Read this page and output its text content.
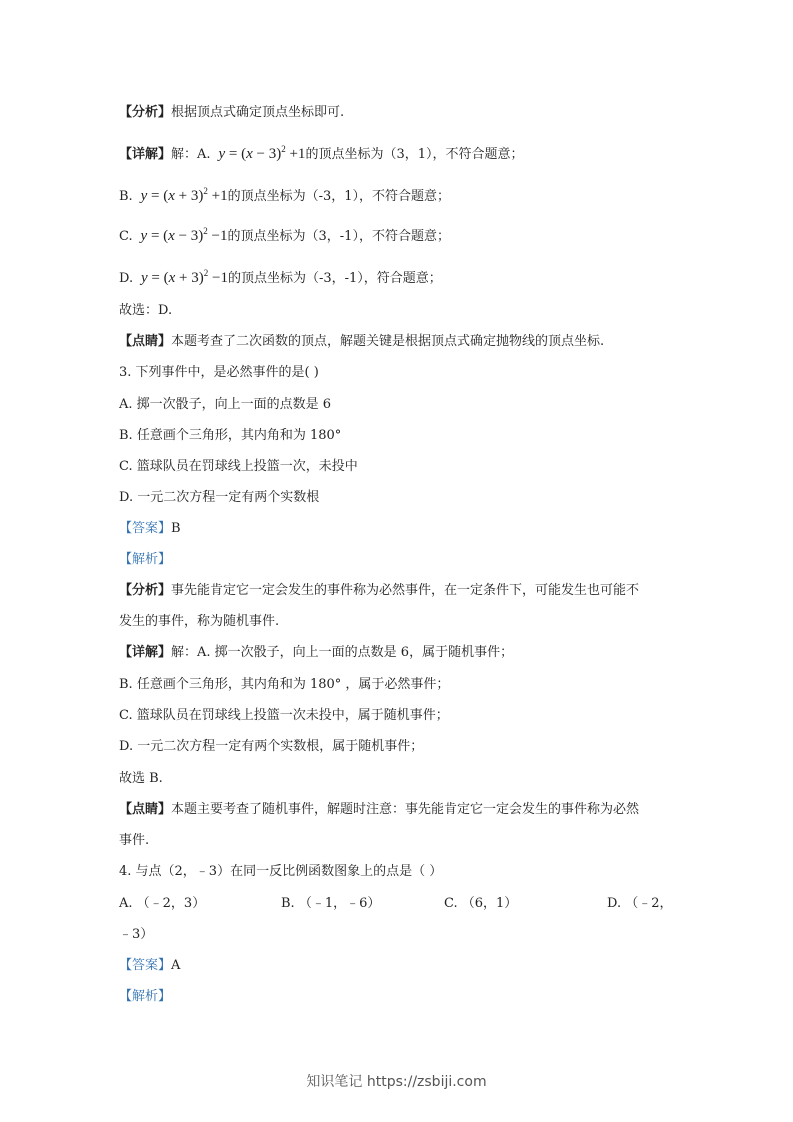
【分析】根据顶点式确定顶点坐标即可.
【详解】解：A.  $y = (x - 3)^2 +1$的顶点坐标为（3，1），不符合题意；
B.  $y = (x + 3)^2 +1$的顶点坐标为（-3，1），不符合题意；
C.  $y = (x - 3)^2 -1$的顶点坐标为（3，-1），不符合题意；
D.  $y = (x + 3)^2 -1$的顶点坐标为（-3，-1），符合题意；
故选：D.
【点睛】本题考查了二次函数的顶点，解题关键是根据顶点式确定抛物线的顶点坐标.
3. 下列事件中，是必然事件的是( )
A. 掷一次骰子，向上一面的点数是 6
B. 任意画个三角形，其内角和为 180°
C. 篮球队员在罚球线上投篮一次，未投中
D. 一元二次方程一定有两个实数根
【答案】B
【解析】
【分析】事先能肯定它一定会发生的事件称为必然事件，在一定条件下，可能发生也可能不
发生的事件，称为随机事件.
【详解】解：A. 掷一次骰子，向上一面的点数是 6，属于随机事件；
B. 任意画个三角形，其内角和为 180° ，属于必然事件；
C. 篮球队员在罚球线上投篮一次未投中，属于随机事件；
D. 一元二次方程一定有两个实数根，属于随机事件；
故选 B.
【点睛】本题主要考查了随机事件，解题时注意：事先能肯定它一定会发生的事件称为必然
事件.
4. 与点（2，﹣3）在同一反比例函数图象上的点是（ ）
A. （﹣2，3）	B. （﹣1，﹣6）	C. （6，1）	D. （﹣2，
﹣3）
【答案】A
【解析】
知识笔记 https://zsbiji.com
